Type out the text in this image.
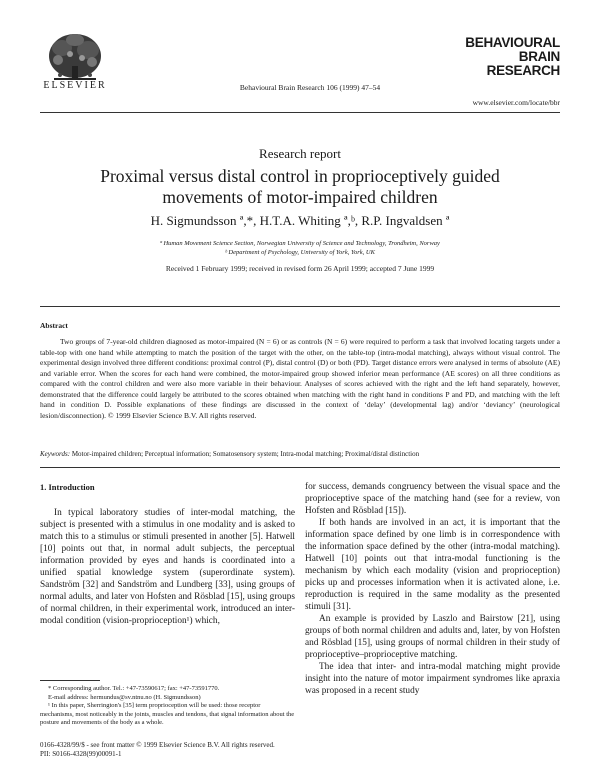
ELSEVIER	Behavioural Brain Research 106 (1999) 47–54
BEHAVIOURAL
BRAIN
RESEARCH
www.elsevier.com/locate/bbr
Research report
Proximal versus distal control in proprioceptively guided movements of motor-impaired children
H. Sigmundsson ª,*, H.T.A. Whiting ª,ᵇ, R.P. Ingvaldsen ª
ª Human Movement Science Section, Norwegian University of Science and Technology, Trondheim, Norway
ᵇ Department of Psychology, University of York, York, UK
Received 1 February 1999; received in revised form 26 April 1999; accepted 7 June 1999
Abstract
Two groups of 7-year-old children diagnosed as motor-impaired (N = 6) or as controls (N = 6) were required to perform a task that involved locating targets under a table-top with one hand while attempting to match the position of the target with the other, on the table-top (intra-modal matching), always without visual control. The experimental design involved three different conditions: proximal control (P), distal control (D) or both (PD). Target distance errors were analysed in terms of absolute (AE) and variable error. When the scores for each hand were combined, the motor-impaired group showed inferior mean performance (AE scores) on all three conditions as compared with the control children and were also more variable in their behaviour. Analyses of scores achieved with the right and the left hand separately, however, demonstrated that the difference could largely be attributed to the scores obtained when matching with the right hand in conditions P and PD, and matching with the left hand in condition D. Possible explanations of these findings are discussed in the context of ‘delay’ (developmental lag) and/or ‘deviancy’ (neurological lesion/disconnection). © 1999 Elsevier Science B.V. All rights reserved.
Keywords: Motor-impaired children; Perceptual information; Somatosensory system; Intra-modal matching; Proximal/distal distinction

1. Introduction

In typical laboratory studies of inter-modal matching, the subject is presented with a stimulus in one modality and is asked to match this to a stimulus or stimuli presented in another [5]. Hatwell [10] points out that, in normal adult subjects, the perceptual information provided by eyes and hands is coordinated into a unified spatial knowledge system (superordinate system). Sandström [32] and Sandström and Lundberg [33], using groups of normal adults, and later von Hofsten and Rösblad [15], using groups of normal children, in their experimental work, introduced an inter-modal condition (vision-proprioception¹) which,

for success, demands congruency between the visual space and the proprioceptive space of the matching hand (see for a review, von Hofsten and Rösblad [15]).

If both hands are involved in an act, it is important that the information space defined by one limb is in correspondence with the information space defined by the other (intra-modal matching). Hatwell [10] points out that intra-modal functioning is the mechanism by which each modality (vision and proprioception) picks up and processes information when it is activated alone, i.e. reproduction is required in the same modality as the presented stimuli [31].

An example is provided by Laszlo and Bairstow [21], using groups of both normal children and adults and, later, by von Hofsten and Rösblad [15], using groups of normal children in their study of proprioceptive–proprioceptive matching.

The idea that inter- and intra-modal matching might provide insight into the nature of motor impairment syndromes like apraxia was proposed in a recent study

* Corresponding author. Tel.: +47-73590617; fax: +47-73591770.

E-mail address: hermundus@sv.ntnu.no (H. Sigmundsson)

¹ In this paper, Sherrington's [35] term proprioception will be used: those receptor mechanisms, most noticeably in the joints, muscles and tendons, that signal information about the posture and movements of the body as a whole.

0166-4328/99/$ - see front matter © 1999 Elsevier Science B.V. All rights reserved.
PII: S0166-4328(99)00091-1
